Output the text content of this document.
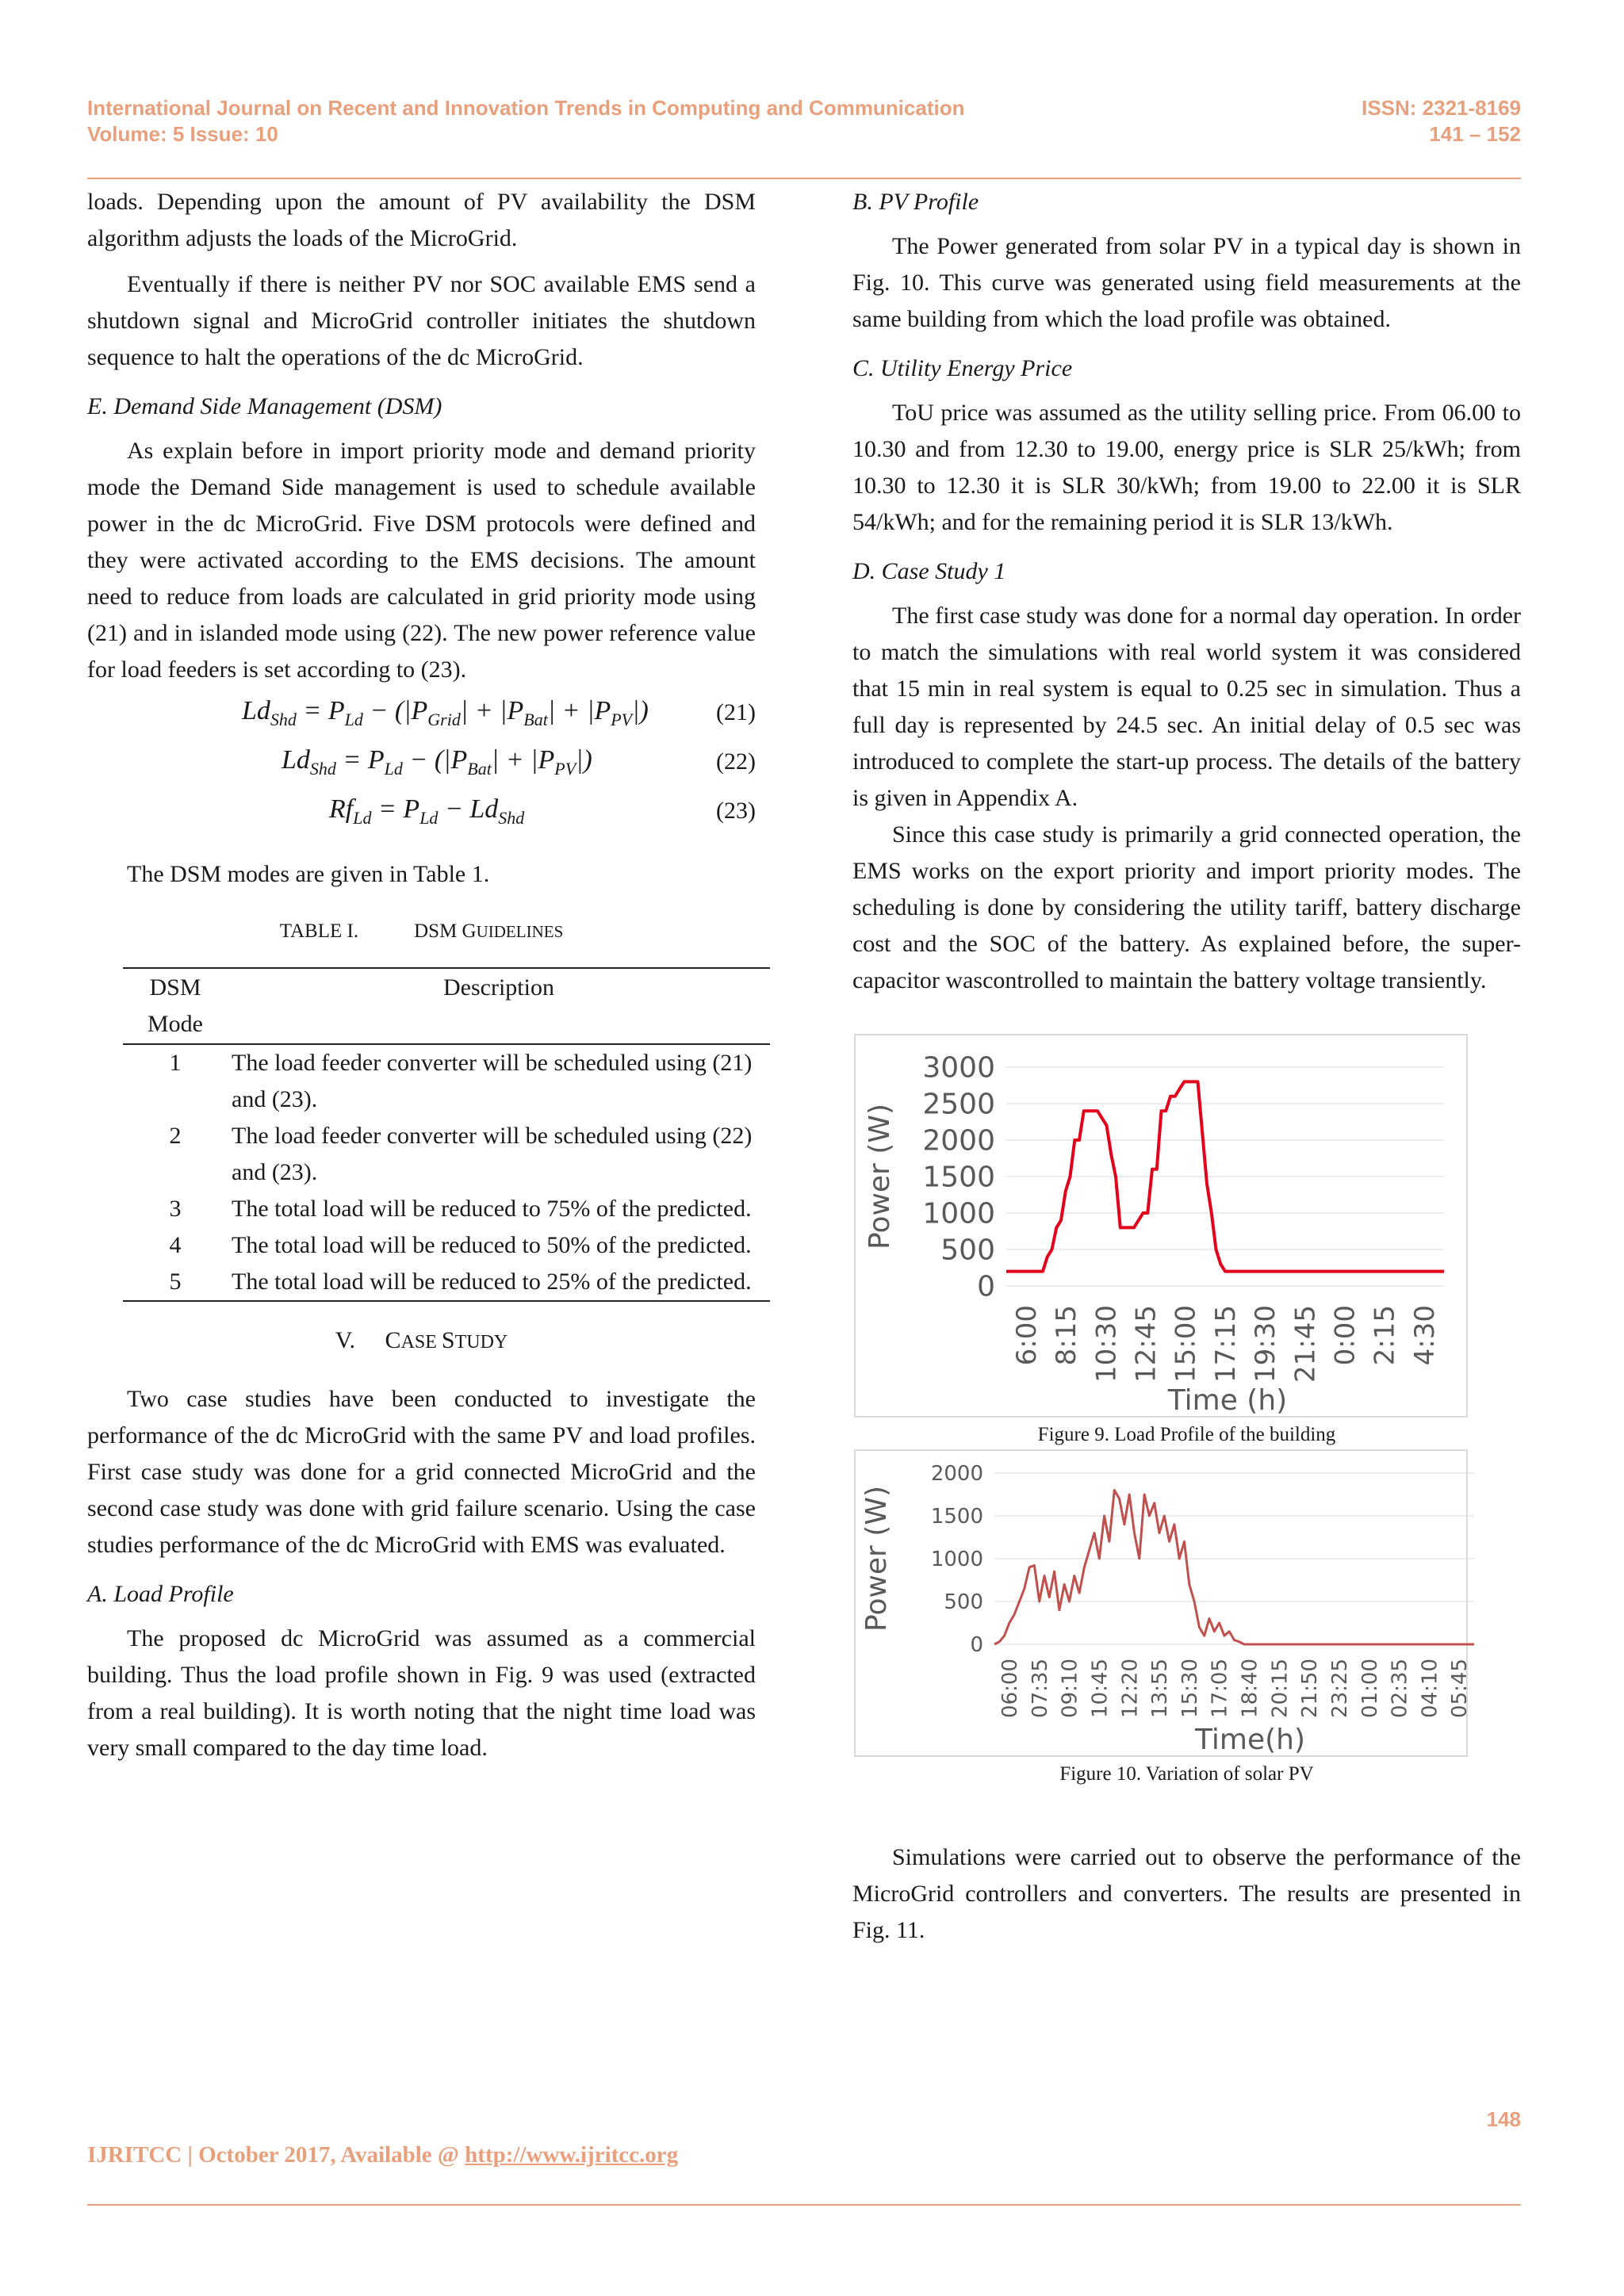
International Journal on Recent and Innovation Trends in Computing and Communication
Volume: 5 Issue: 10
ISSN: 2321-8169
141 – 152

loads. Depending upon the amount of PV availability the DSM algorithm adjusts the loads of the MicroGrid.

Eventually if there is neither PV nor SOC available EMS send a shutdown signal and MicroGrid controller initiates the shutdown sequence to halt the operations of the dc MicroGrid.

E. Demand Side Management (DSM)

As explain before in import priority mode and demand priority mode the Demand Side management is used to schedule available power in the dc MicroGrid. Five DSM protocols were defined and they were activated according to the EMS decisions. The amount need to reduce from loads are calculated in grid priority mode using (21) and in islanded mode using (22). The new power reference value for load feeders is set according to (23).

$Ld_{Shd} = P_{Ld} - (|P_{Grid}| + |P_{Bat}| + |P_{PV}|)$	(21)
$Ld_{Shd} = P_{Ld} - (|P_{Bat}| + |P_{PV}|)$	(22)
$Rf_{Ld} = P_{Ld} - Ld_{Shd}$	(23)

The DSM modes are given in Table 1.

TABLE I.	DSM GUIDELINES
DSM Mode	Description
1	The load feeder converter will be scheduled using (21) and (23).
2	The load feeder converter will be scheduled using (22) and (23).
3	The total load will be reduced to 75% of the predicted.
4	The total load will be reduced to 50% of the predicted.
5	The total load will be reduced to 25% of the predicted.
V. CASE STUDY

Two case studies have been conducted to investigate the performance of the dc MicroGrid with the same PV and load profiles. First case study was done for a grid connected MicroGrid and the second case study was done with grid failure scenario. Using the case studies performance of the dc MicroGrid with EMS was evaluated.

A. Load Profile

The proposed dc MicroGrid was assumed as a commercial building. Thus the load profile shown in Fig. 9 was used (extracted from a real building). It is worth noting that the night time load was very small compared to the day time load.

B. PV Profile

The Power generated from solar PV in a typical day is shown in Fig. 10. This curve was generated using field measurements at the same building from which the load profile was obtained.

C. Utility Energy Price

ToU price was assumed as the utility selling price. From 06.00 to 10.30 and from 12.30 to 19.00, energy price is SLR 25/kWh; from 10.30 to 12.30 it is SLR 30/kWh; from 19.00 to 22.00 it is SLR 54/kWh; and for the remaining period it is SLR 13/kWh.

D. Case Study 1

The first case study was done for a normal day operation. In order to match the simulations with real world system it was considered that 15 min in real system is equal to 0.25 sec in simulation. Thus a full day is represented by 24.5 sec. An initial delay of 0.5 sec was introduced to complete the start-up process. The details of the battery is given in Appendix A.

Since this case study is primarily a grid connected operation, the EMS works on the export priority and import priority modes. The scheduling is done by considering the utility tariff, battery discharge cost and the SOC of the battery. As explained before, the super-capacitor wascontrolled to maintain the battery voltage transiently.

0
500
1000
1500
2000
2500
3000
6:00 8:15 10:30 12:45 15:00 17:15 19:30 21:45 0:00 2:15 4:30
Time (h)
Power (W)
Figure 9. Load Profile of the building
0
500
1000
1500
2000
06:00 07:35 09:10 10:45 12:20 13:55 15:30 17:05 18:40 20:15 21:50 23:25 01:00 02:35 04:10 05:45
Time(h)
Power (W)
Figure 10. Variation of solar PV

Simulations were carried out to observe the performance of the MicroGrid controllers and converters. The results are presented in Fig. 11.

148
IJRITCC | October 2017, Available @ http://www.ijritcc.org
